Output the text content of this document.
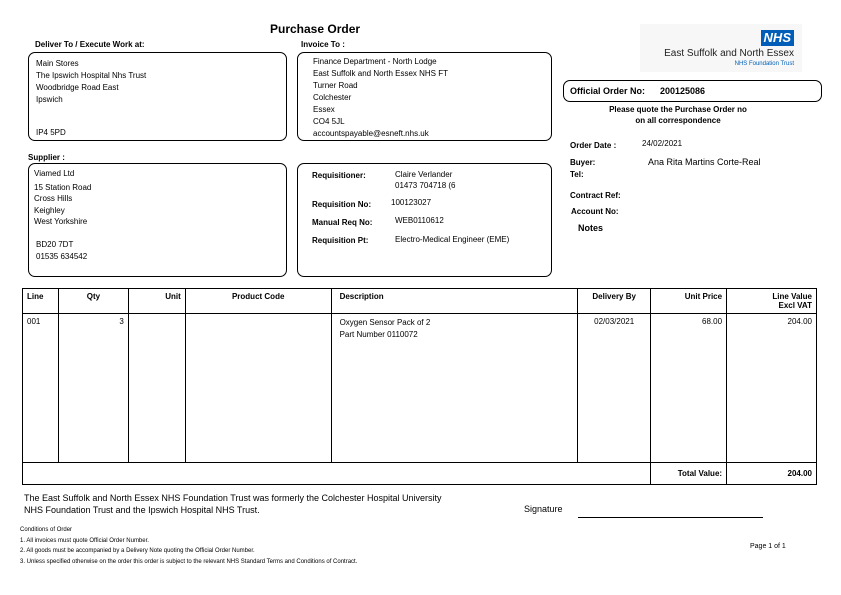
Purchase Order
Deliver To / Execute Work at:	Invoice To :
Main Stores
The Ipswich Hospital Nhs Trust
Woodbridge Road East
Ipswich
IP4 5PD
Finance Department - North Lodge
East Suffolk and North Essex NHS FT
Turner Road
Colchester
Essex
CO4 5JL
accountspayable@esneft.nhs.uk
NHS
East Suffolk and North Essex
NHS Foundation Trust
Official Order No: 200125086
Please quote the Purchase Order no
on all correspondence
Order Date :	24/02/2021
Buyer:	Ana Rita Martins Corte-Real
Tel:
Contract Ref:
Account No:
Notes
Supplier :
Viamed Ltd
15 Station Road
Cross Hills
Keighley
West Yorkshire
BD20 7DT
01535 634542
Requisitioner:	Claire Verlander
01473 704718 (6
Requisition No: 100123027
Manual Req No:	WEB0110612
Requisition Pt:	Electro-Medical Engineer (EME)
Line	Qty	Unit	Product Code	Description	Delivery By	Unit Price	Line Value
Excl VAT

001	3			Oxygen Sensor Pack of 2
Part Number 0110072	02/03/2021	68.00	204.00
						Total Value:	204.00
The East Suffolk and North Essex NHS Foundation Trust was formerly the Colchester Hospital University
NHS Foundation Trust and the Ipswich Hospital NHS Trust.	Signature
Conditions of Order
1. All invoices must quote Official Order Number.
2. All goods must be accompanied by a Delivery Note quoting the Official Order Number.
3. Unless specified otherwise on the order this order is subject to the relevant NHS Standard Terms and Conditions of Contract.
Page 1 of 1
